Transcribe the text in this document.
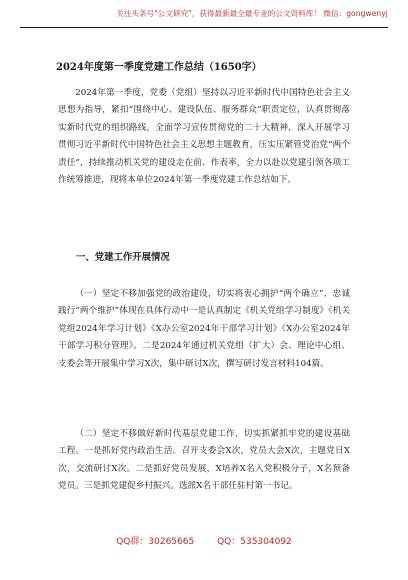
关注头条号"公文研究"，获得最新最全最专业的公文资料库！ 微信：gongwenyj
2024年度第一季度党建工作总结（1650字）
2024年第一季度，党委（党组）坚持以习近平新时代中国特色社会主义思想为指导，紧扣“围绕中心、建设队伍、服务群众”职责定位，认真贯彻落实新时代党的组织路线，全面学习宣传贯彻党的二十大精神，深入开展学习贯彻习近平新时代中国特色社会主义思想主题教育，压实压紧管党治党“两个责任”，持续推动机关党的建设走在前、作表率，全力以赴以党建引领各项工作统筹推进，现将本单位2024年第一季度党建工作总结如下。
一、党建工作开展情况
（一）坚定不移加强党的政治建设，切实将衷心拥护“两个确立”、忠诚践行“两个维护”体现在具体行动中一是认真制定《机关党组学习制度》《机关党组2024年学习计划》《X办公室2024年干部学习计划》《X办公室2024年干部学习积分管理》。二是2024年通过机关党组（扩大）会、理论中心组、支委会等开展集中学习X次，集中研讨X次，撰写研讨发言材料104篇。
（二）坚定不移做好新时代基层党建工作，切实抓紧抓牢党的建设基础工程。一是抓好党内政治生活。召开支委会X次，党员大会X次，主题党日X次，交流研讨X次。二是抓好党员发展，X培养X名入党积极分子，X名预备党员。三是抓党建促乡村振兴。选派X名干部任驻村第一书记。
QQ群：30265665	QQ：535304092
